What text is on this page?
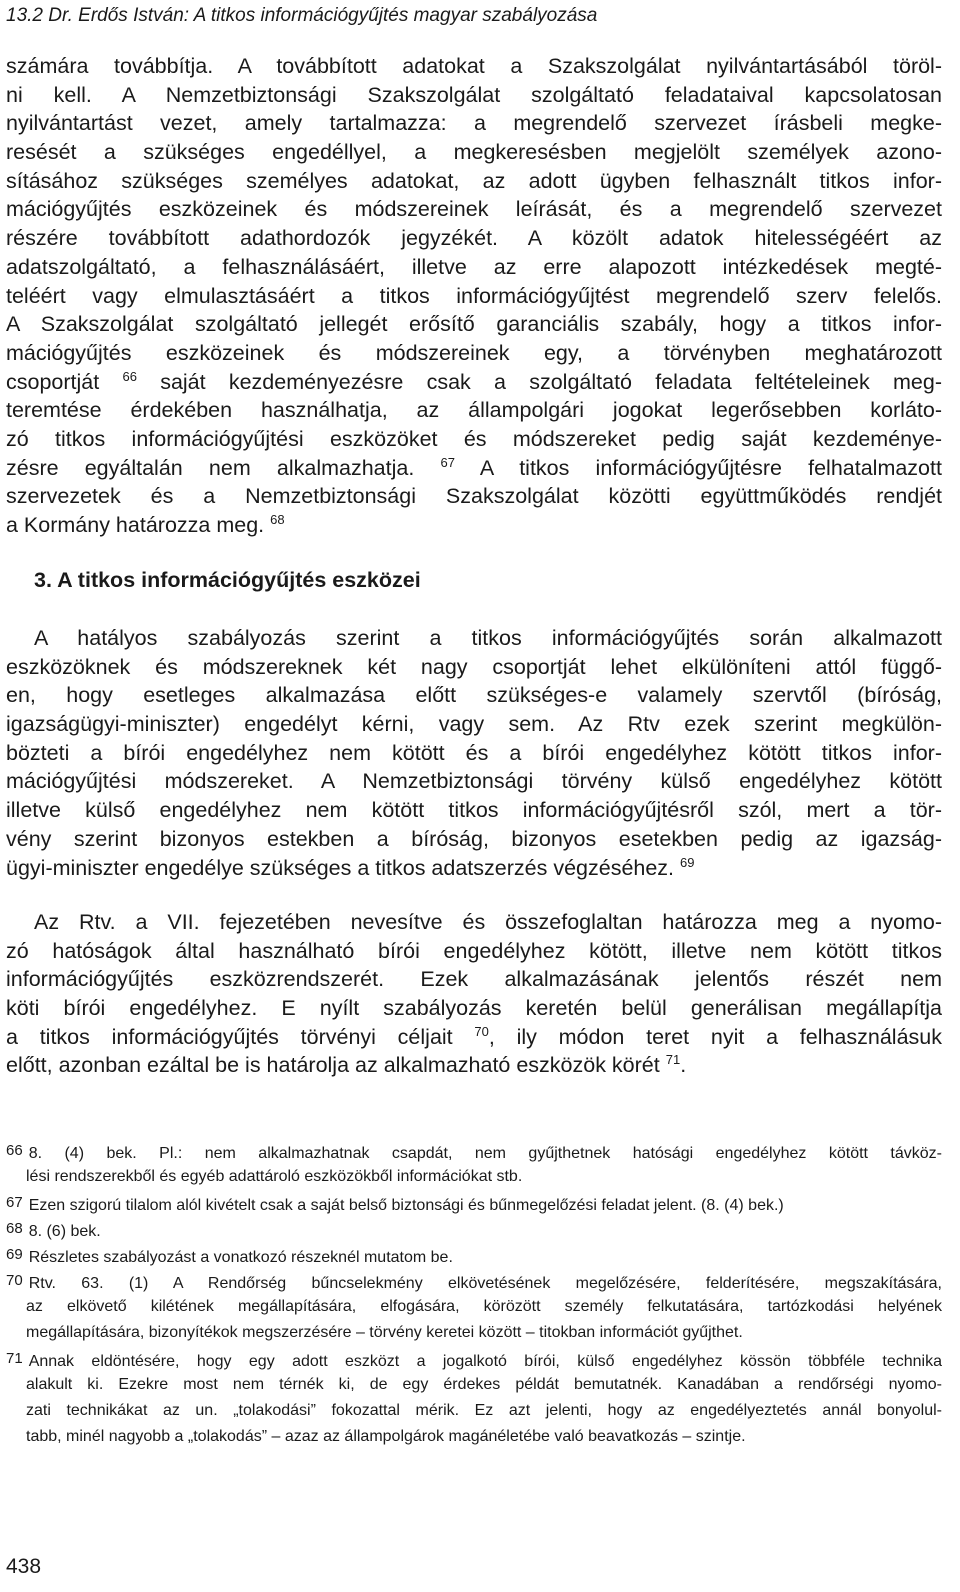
13.2 Dr. Erdős István: A titkos információgyűjtés magyar szabályozása
számára továbbítja. A továbbított adatokat a Szakszolgálat nyilvántartásából töröl-
ni kell. A Nemzetbiztonsági Szakszolgálat szolgáltató feladataival kapcsolatosan
nyilvántartást vezet, amely tartalmazza: a megrendelő szervezet írásbeli megke-
resését a szükséges engedéllyel, a megkeresésben megjelölt személyek azono-
sításához szükséges személyes adatokat, az adott ügyben felhasznált titkos infor-
mációgyűjtés eszközeinek és módszereinek leírását, és a megrendelő szervezet
részére továbbított adathordozók jegyzékét. A közölt adatok hitelességéért az
adatszolgáltató, a felhasználásáért, illetve az erre alapozott intézkedések megté-
teléért vagy elmulasztásáért a titkos információgyűjtést megrendelő szerv felelős.
A Szakszolgálat szolgáltató jellegét erősítő garanciális szabály, hogy a titkos infor-
mációgyűjtés eszközeinek és módszereinek egy, a törvényben meghatározott
csoportját $^{66}$ saját kezdeményezésre csak a szolgáltató feladata feltételeinek meg-
teremtése érdekében használhatja, az állampolgári jogokat legerősebben korláto-
zó titkos információgyűjtési eszközöket és módszereket pedig saját kezdeménye-
zésre egyáltalán nem alkalmazhatja. $^{67}$ A titkos információgyűjtésre felhatalmazott
szervezetek és a Nemzetbiztonsági Szakszolgálat közötti együttműködés rendjét
a Kormány határozza meg. $^{68}$
3. A titkos információgyűjtés eszközei
A hatályos szabályozás szerint a titkos információgyűjtés során alkalmazott
eszközöknek és módszereknek két nagy csoportját lehet elkülöníteni attól függő-
en, hogy esetleges alkalmazása előtt szükséges-e valamely szervtől (bíróság,
igazságügyi-miniszter) engedélyt kérni, vagy sem. Az Rtv ezek szerint megkülön-
bözteti a bírói engedélyhez nem kötött és a bírói engedélyhez kötött titkos infor-
mációgyűjtési módszereket. A Nemzetbiztonsági törvény külső engedélyhez kötött
illetve külső engedélyhez nem kötött titkos információgyűjtésről szól, mert a tör-
vény szerint bizonyos estekben a bíróság, bizonyos esetekben pedig az igazság-
ügyi-miniszter engedélye szükséges a titkos adatszerzés végzéséhez. $^{69}$
Az Rtv. a VII. fejezetében nevesítve és összefoglaltan határozza meg a nyomo-
zó hatóságok által használható bírói engedélyhez kötött, illetve nem kötött titkos
információgyűjtés eszközrendszerét. Ezek alkalmazásának jelentős részét nem
köti bírói engedélyhez. E nyílt szabályozás keretén belül generálisan megállapítja
a titkos információgyűjtés törvényi céljait $^{70}$, ily módon teret nyit a felhasználásuk
előtt, azonban ezáltal be is határolja az alkalmazható eszközök körét $^{71}$.
66 8. (4) bek. Pl.: nem alkalmazhatnak csapdát, nem gyűjthetnek hatósági engedélyhez kötött távköz-
lési rendszerekből és egyéb adattároló eszközökből információkat stb.
67 Ezen szigorú tilalom alól kivételt csak a saját belső biztonsági és bűnmegelőzési feladat jelent. (8. (4) bek.)
68 8. (6) bek.
69 Részletes szabályozást a vonatkozó részeknél mutatom be.
70 Rtv. 63. (1) A Rendőrség bűncselekmény elkövetésének megelőzésére, felderítésére, megszakítására,
az elkövető kilétének megállapítására, elfogására, körözött személy felkutatására, tartózkodási helyének
megállapítására, bizonyítékok megszerzésére – törvény keretei között – titokban információt gyűjthet.
71 Annak eldöntésére, hogy egy adott eszközt a jogalkotó bírói, külső engedélyhez kössön többféle technika
alakult ki. Ezekre most nem térnék ki, de egy érdekes példát bemutatnék. Kanadában a rendőrségi nyomo-
zati technikákat az un. „tolakodási” fokozattal mérik. Ez azt jelenti, hogy az engedélyeztetés annál bonyolul-
tabb, minél nagyobb a „tolakodás” – azaz az állampolgárok magánéletébe való beavatkozás – szintje.
438
